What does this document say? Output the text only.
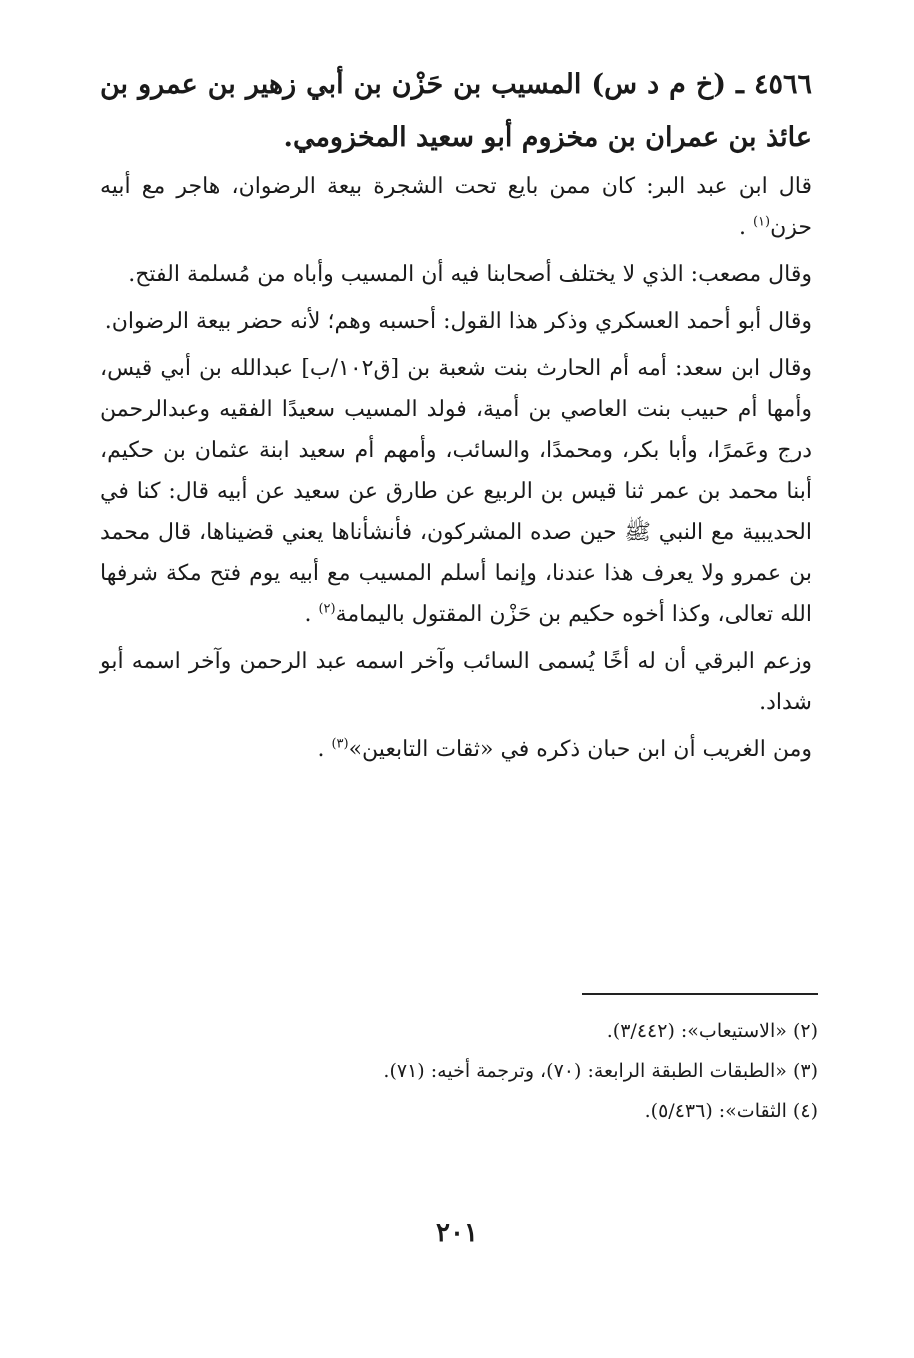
٤٥٦٦ ـ (خ م د س) المسيب بن حَزْن بن أبي زهير بن عمرو بن عائذ بن عمران بن مخزوم أبو سعيد المخزومي.

قال ابن عبد البر: كان ممن بايع تحت الشجرة بيعة الرضوان، هاجر مع أبيه حزن$^{(١)}$ .

وقال مصعب: الذي لا يختلف أصحابنا فيه أن المسيب وأباه من مُسلمة الفتح.

وقال أبو أحمد العسكري وذكر هذا القول: أحسبه وهم؛ لأنه حضر بيعة الرضوان.

وقال ابن سعد: أمه أم الحارث بنت شعبة بن [ق١٠٢/ب] عبدالله بن أبي قيس، وأمها أم حبيب بنت العاصي بن أمية، فولد المسيب سعيدًا الفقيه وعبدالرحمن درج وعَمرًا، وأبا بكر، ومحمدًا، والسائب، وأمهم أم سعيد ابنة عثمان بن حكيم، أبنا محمد بن عمر ثنا قيس بن الربيع عن طارق عن سعيد عن أبيه قال: كنا في الحديبية مع النبي ﷺ حين صده المشركون، فأنشأناها يعني قضيناها، قال محمد بن عمرو ولا يعرف هذا عندنا، وإنما أسلم المسيب مع أبيه يوم فتح مكة شرفها الله تعالى، وكذا أخوه حكيم بن حَزْن المقتول باليمامة$^{(٢)}$ .

وزعم البرقي أن له أخًا يُسمى السائب وآخر اسمه عبد الرحمن وآخر اسمه أبو شداد.

ومن الغريب أن ابن حبان ذكره في «ثقات التابعين»$^{(٣)}$ .

(٢) «الاستيعاب»: (٣/٤٤٢).

(٣) «الطبقات الطبقة الرابعة: (٧٠)، وترجمة أخيه: (٧١).

(٤) الثقات»: (٥/٤٣٦).

٢٠١
